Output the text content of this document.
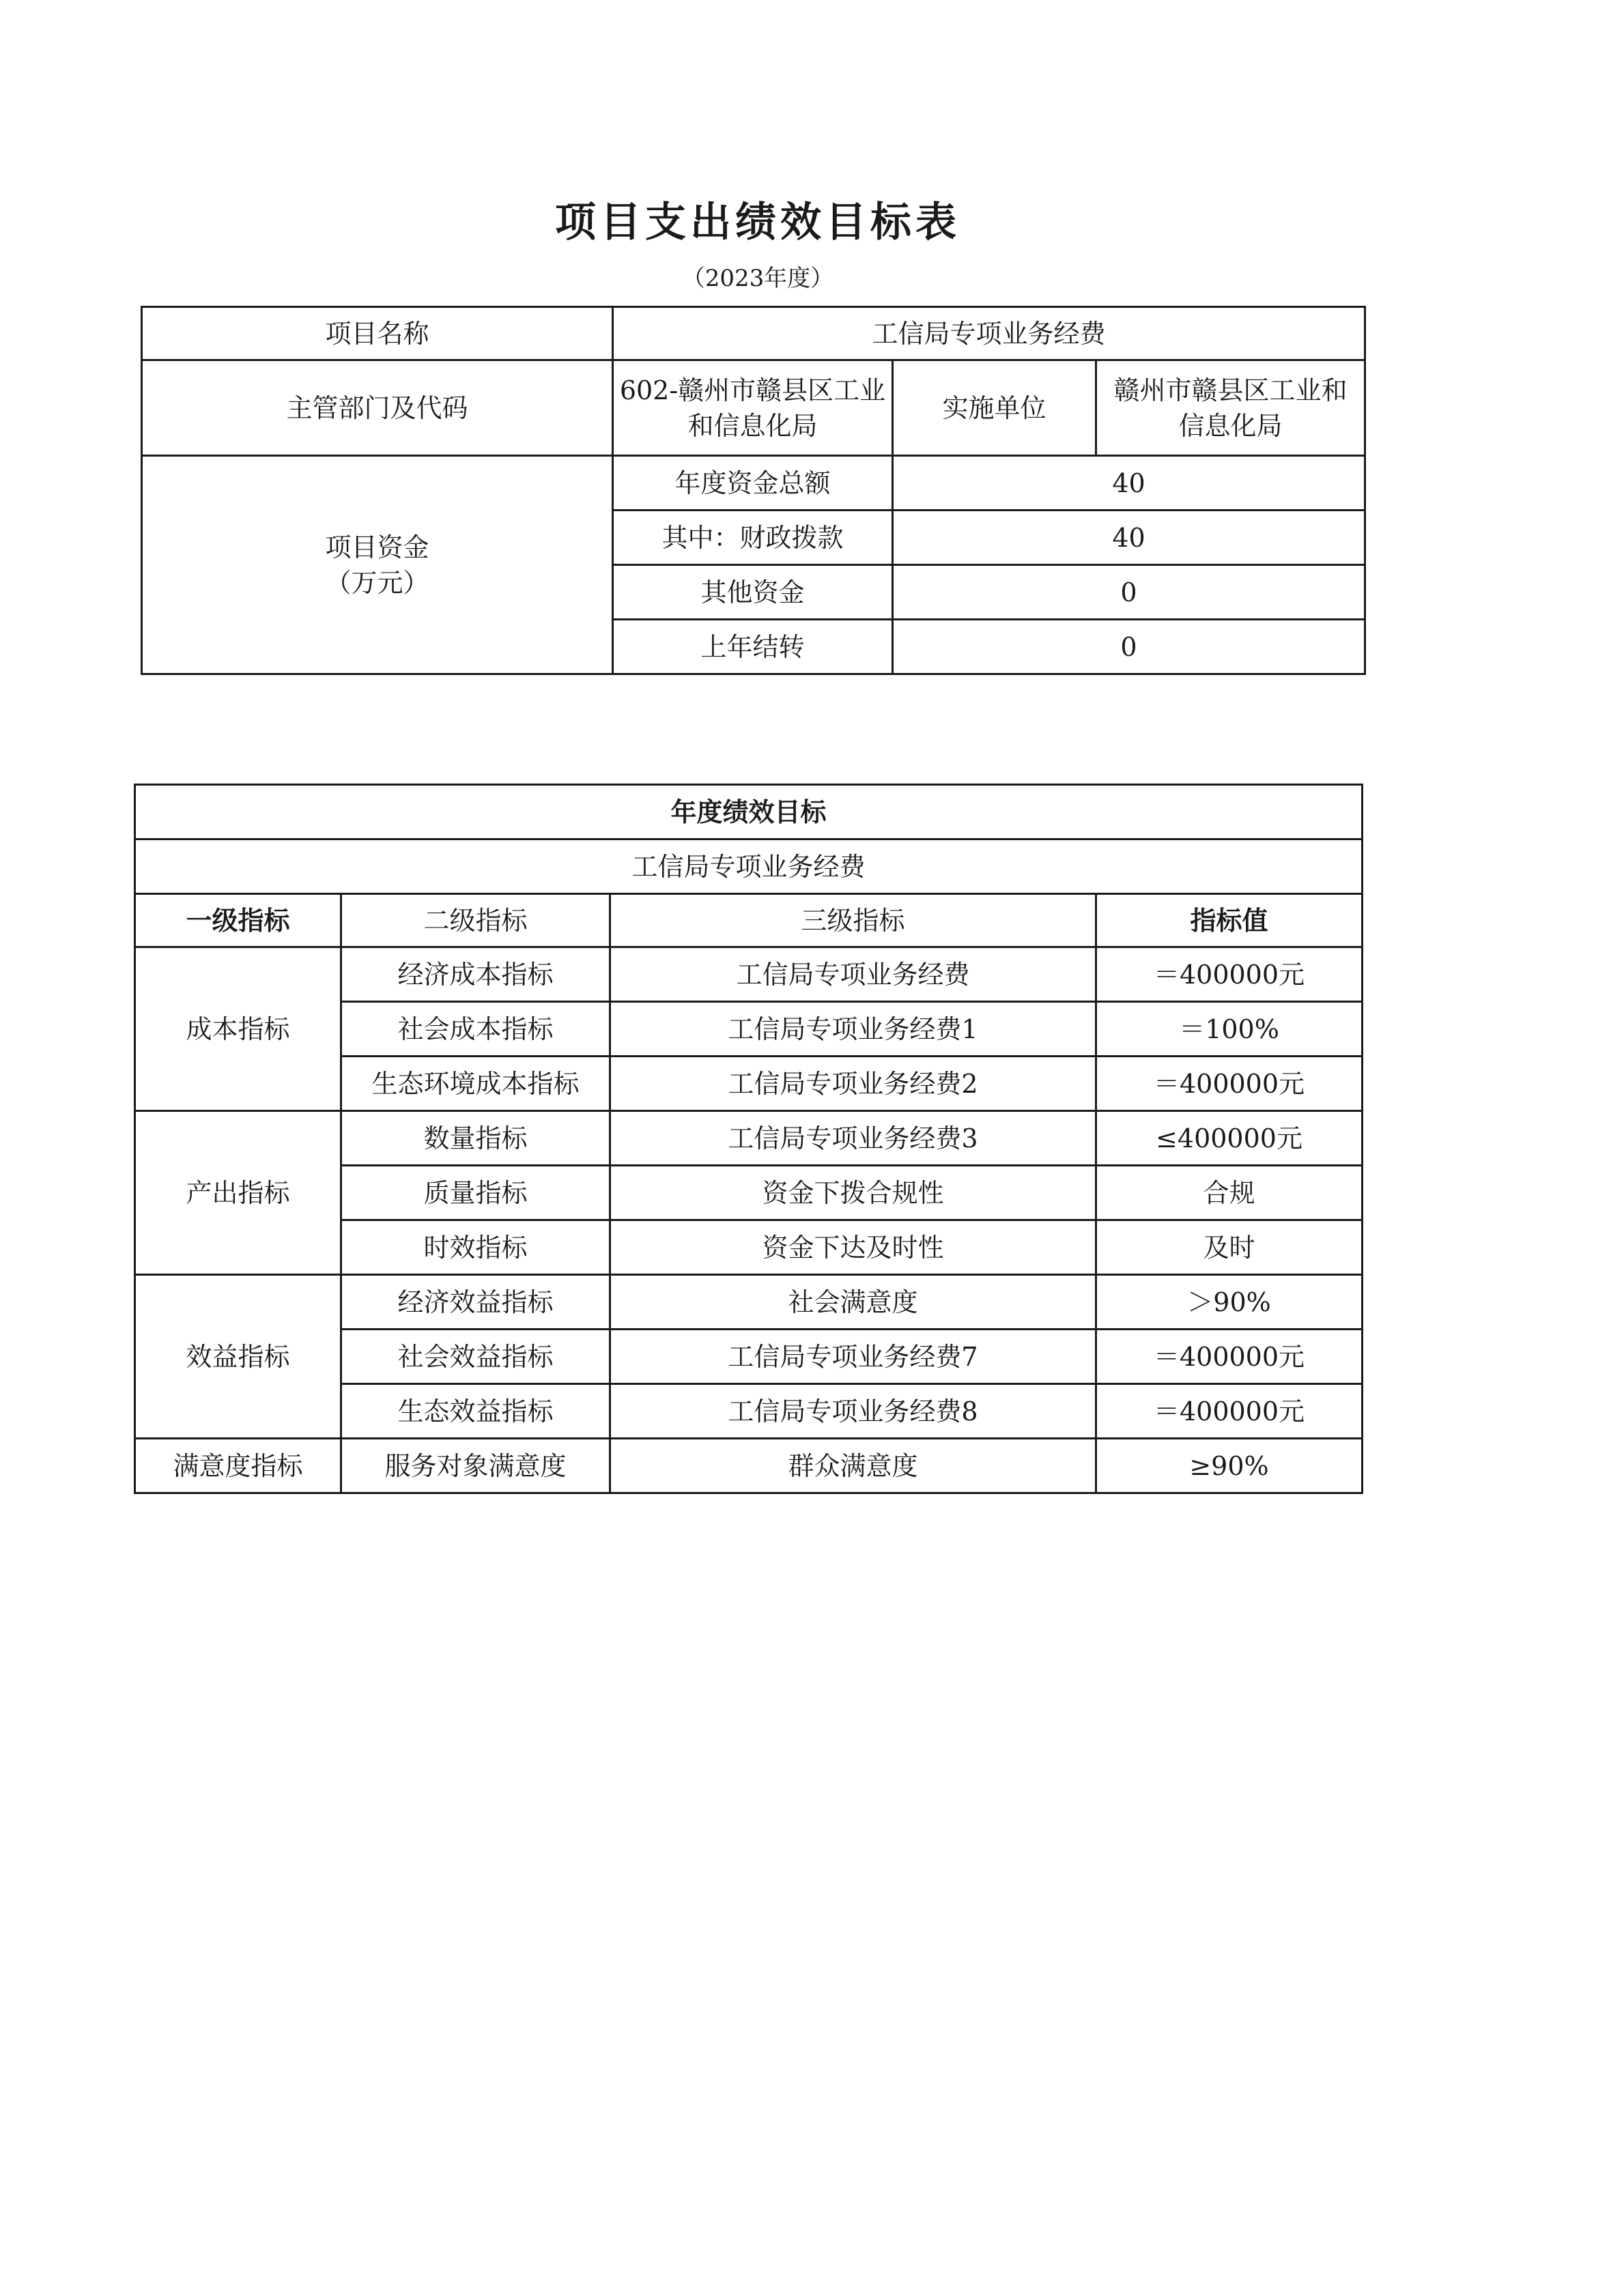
项目支出绩效目标表
（2023年度）
项目名称	工信局专项业务经费		
主管部门及代码	602-赣州市赣县区工业和信息化局	实施单位	赣州市赣县区工业和信息化局

项目资金
（万元）	年度资金总额	40	
	其中：财政拨款	40	
	其他资金	0	
	上年结转	0	
年度绩效目标			
工信局专项业务经费			
一级指标	二级指标	三级指标	指标值
成本指标	经济成本指标	工信局专项业务经费	＝400000元
	社会成本指标	工信局专项业务经费1	＝100%
	生态环境成本指标	工信局专项业务经费2	＝400000元
产出指标	数量指标	工信局专项业务经费3	≤400000元
	质量指标	资金下拨合规性	合规
	时效指标	资金下达及时性	及时
效益指标	经济效益指标	社会满意度	＞90%
	社会效益指标	工信局专项业务经费7	＝400000元
	生态效益指标	工信局专项业务经费8	＝400000元
满意度指标	服务对象满意度	群众满意度	≥90%
